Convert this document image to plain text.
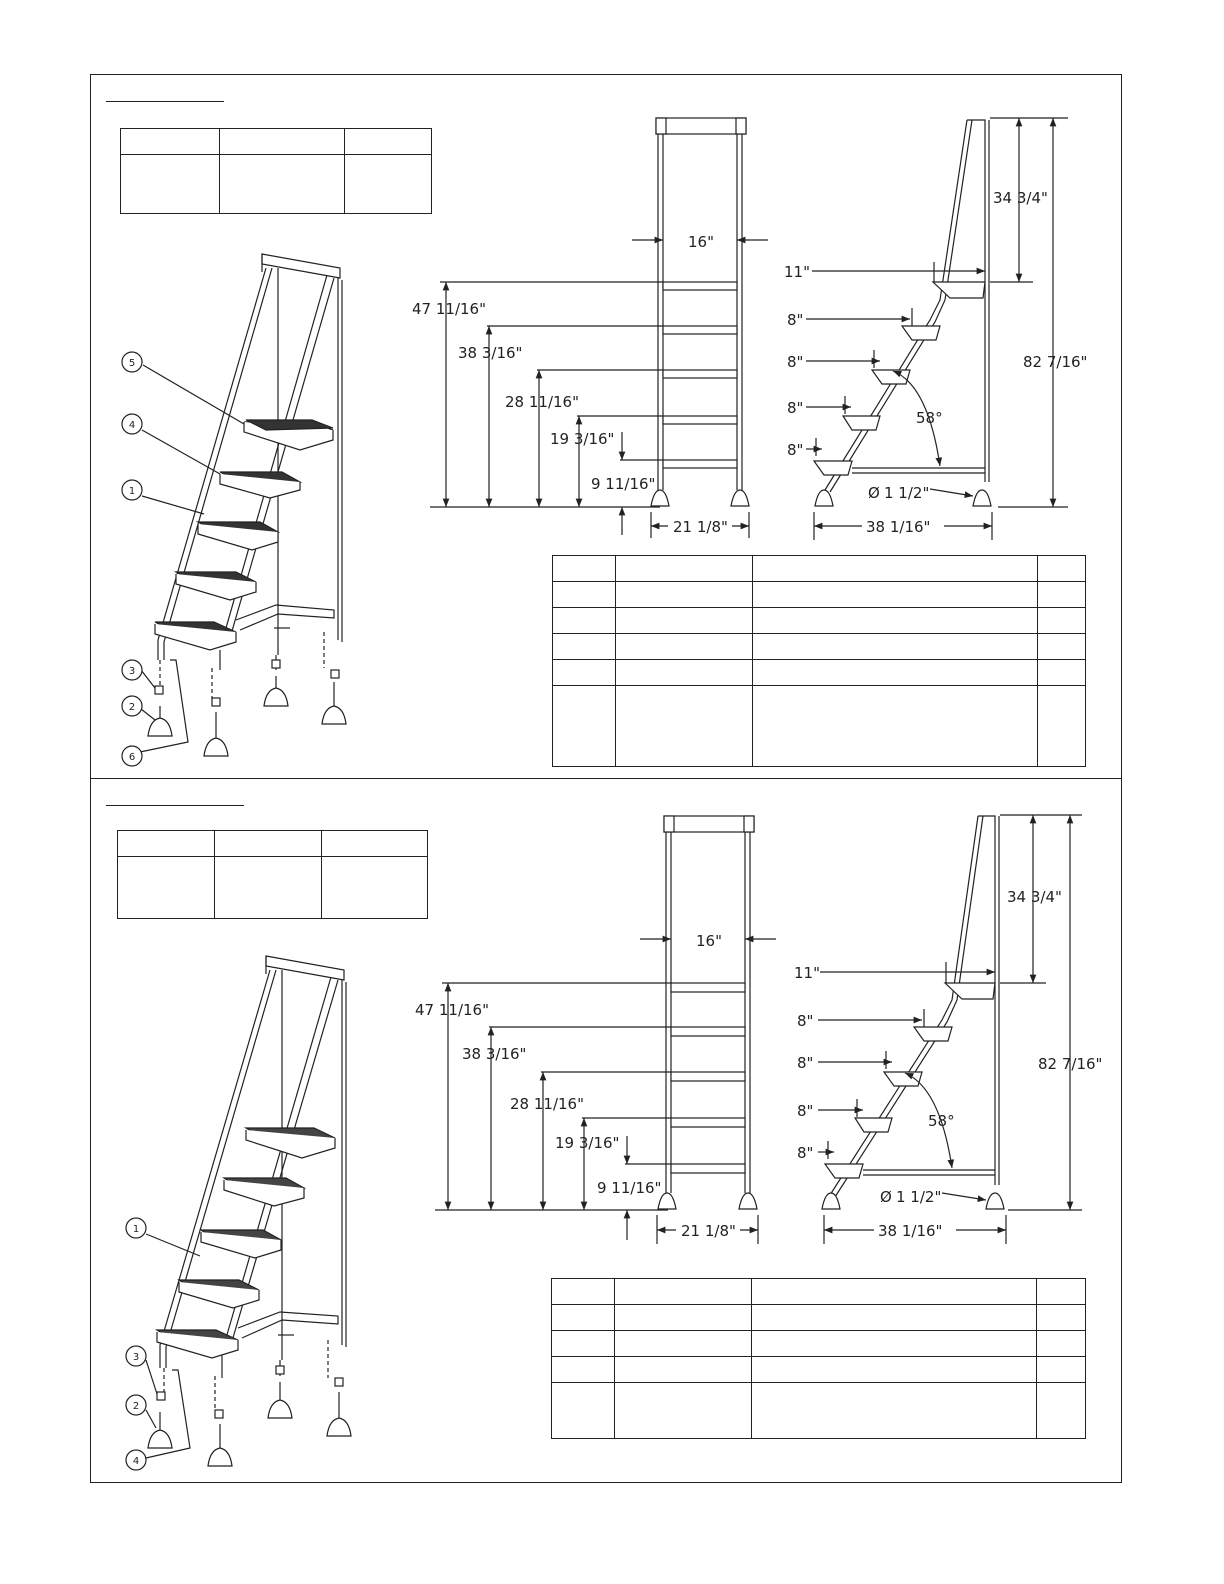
16"
47 11/16"
38 3/16"
28 11/16"
19 3/16"
9 11/16"
21 1/8"
34 3/4"
82 7/16"
11"
8"
8"
8"
8"
58°
Ø 1 1/2"
38 1/16"
5
4
1
3
2
6
16"
47 11/16"
38 3/16"
28 11/16"
19 3/16"
9 11/16"
21 1/8"
34 3/4"
82 7/16"
11"
8"
8"
8"
8"
58°
Ø 1 1/2"
38 1/16"
1
3
2
4
